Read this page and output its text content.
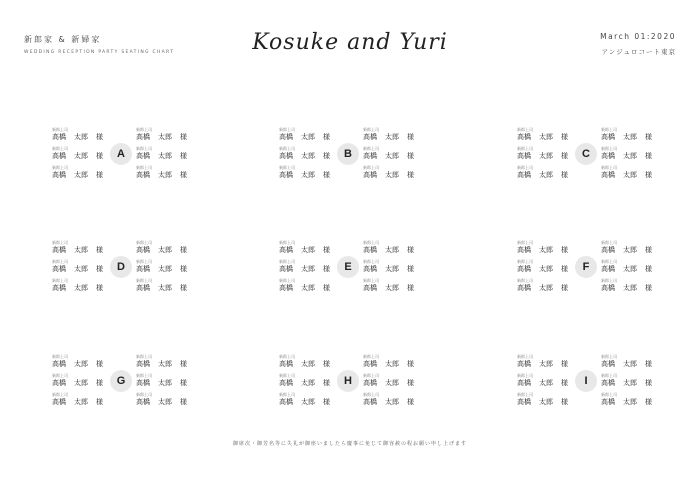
新郎家 & 新婦家
WEDDING RECEPTION PARTY SEATING CHART	Kosuke and Yuri	March 01:2020
アンジュロコート東京
A
新郎上司
高橋 太郎 様
新郎上司
高橋 太郎 様
新郎上司
高橋 太郎 様
新郎上司
高橋 太郎 様
新郎上司
高橋 太郎 様
新郎上司
高橋 太郎 様
B
新郎上司
高橋 太郎 様
新郎上司
高橋 太郎 様
新郎上司
高橋 太郎 様
新郎上司
高橋 太郎 様
新郎上司
高橋 太郎 様
新郎上司
高橋 太郎 様
C
新郎上司
高橋 太郎 様
新郎上司
高橋 太郎 様
新郎上司
高橋 太郎 様
新郎上司
高橋 太郎 様
新郎上司
高橋 太郎 様
新郎上司
高橋 太郎 様
D
新郎上司
高橋 太郎 様
新郎上司
高橋 太郎 様
新郎上司
高橋 太郎 様
新郎上司
高橋 太郎 様
新郎上司
高橋 太郎 様
新郎上司
高橋 太郎 様
E
新郎上司
高橋 太郎 様
新郎上司
高橋 太郎 様
新郎上司
高橋 太郎 様
新郎上司
高橋 太郎 様
新郎上司
高橋 太郎 様
新郎上司
高橋 太郎 様
F
新郎上司
高橋 太郎 様
新郎上司
高橋 太郎 様
新郎上司
高橋 太郎 様
新郎上司
高橋 太郎 様
新郎上司
高橋 太郎 様
新郎上司
高橋 太郎 様
G
新郎上司
高橋 太郎 様
新郎上司
高橋 太郎 様
新郎上司
高橋 太郎 様
新郎上司
高橋 太郎 様
新郎上司
高橋 太郎 様
新郎上司
高橋 太郎 様
H
新郎上司
高橋 太郎 様
新郎上司
高橋 太郎 様
新郎上司
高橋 太郎 様
新郎上司
高橋 太郎 様
新郎上司
高橋 太郎 様
新郎上司
高橋 太郎 様
I
新郎上司
高橋 太郎 様
新郎上司
高橋 太郎 様
新郎上司
高橋 太郎 様
新郎上司
高橋 太郎 様
新郎上司
高橋 太郎 様
新郎上司
高橋 太郎 様
御席次・御芳名等に失礼が御座いましたら慶事に免じて御容赦の程お願い申し上げます
